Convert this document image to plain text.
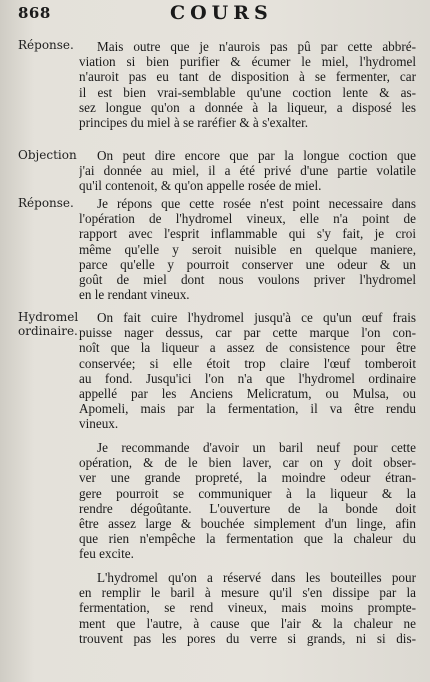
868	COURS
Réponse.	Mais outre que je n'aurois pas pû par cette abbré-
viation si bien purifier & écumer le miel, l'hydromel
n'auroit pas eu tant de disposition à se fermenter, car
il est bien vrai-semblable qu'une coction lente & as-
sez longue qu'on a donnée à la liqueur, a disposé les
principes du miel à se raréfier & à s'exalter.
Objection	On peut dire encore que par la longue coction que
j'ai donnée au miel, il a été privé d'une partie volatile
qu'il contenoit, & qu'on appelle rosée de miel.
Réponse.	Je répons que cette rosée n'est point necessaire dans
l'opération de l'hydromel vineux, elle n'a point de
rapport avec l'esprit inflammable qui s'y fait, je croi
même qu'elle y seroit nuisible en quelque maniere,
parce qu'elle y pourroit conserver une odeur & un
goût de miel dont nous voulons priver l'hydromel
en le rendant vineux.
Hydromel
ordinaire.
On fait cuire l'hydromel jusqu'à ce qu'un œuf frais
puisse nager dessus, car par cette marque l'on con-
noît que la liqueur a assez de consistence pour être
conservée; si elle étoit trop claire l'œuf tomberoit
au fond. Jusqu'ici l'on n'a que l'hydromel ordinaire
appellé par les Anciens Melicratum, ou Mulsa, ou
Apomeli, mais par la fermentation, il va être rendu
vineux.
Je recommande d'avoir un baril neuf pour cette
opération, & de le bien laver, car on y doit obser-
ver une grande propreté, la moindre odeur étran-
gere pourroit se communiquer à la liqueur & la
rendre dégoûtante. L'ouverture de la bonde doit
être assez large & bouchée simplement d'un linge, afin
que rien n'empêche la fermentation que la chaleur du
feu excite.
L'hydromel qu'on a réservé dans les bouteilles pour
en remplir le baril à mesure qu'il s'en dissipe par la
fermentation, se rend vineux, mais moins prompte-
ment que l'autre, à cause que l'air & la chaleur ne
trouvent pas les pores du verre si grands, ni si dis-
